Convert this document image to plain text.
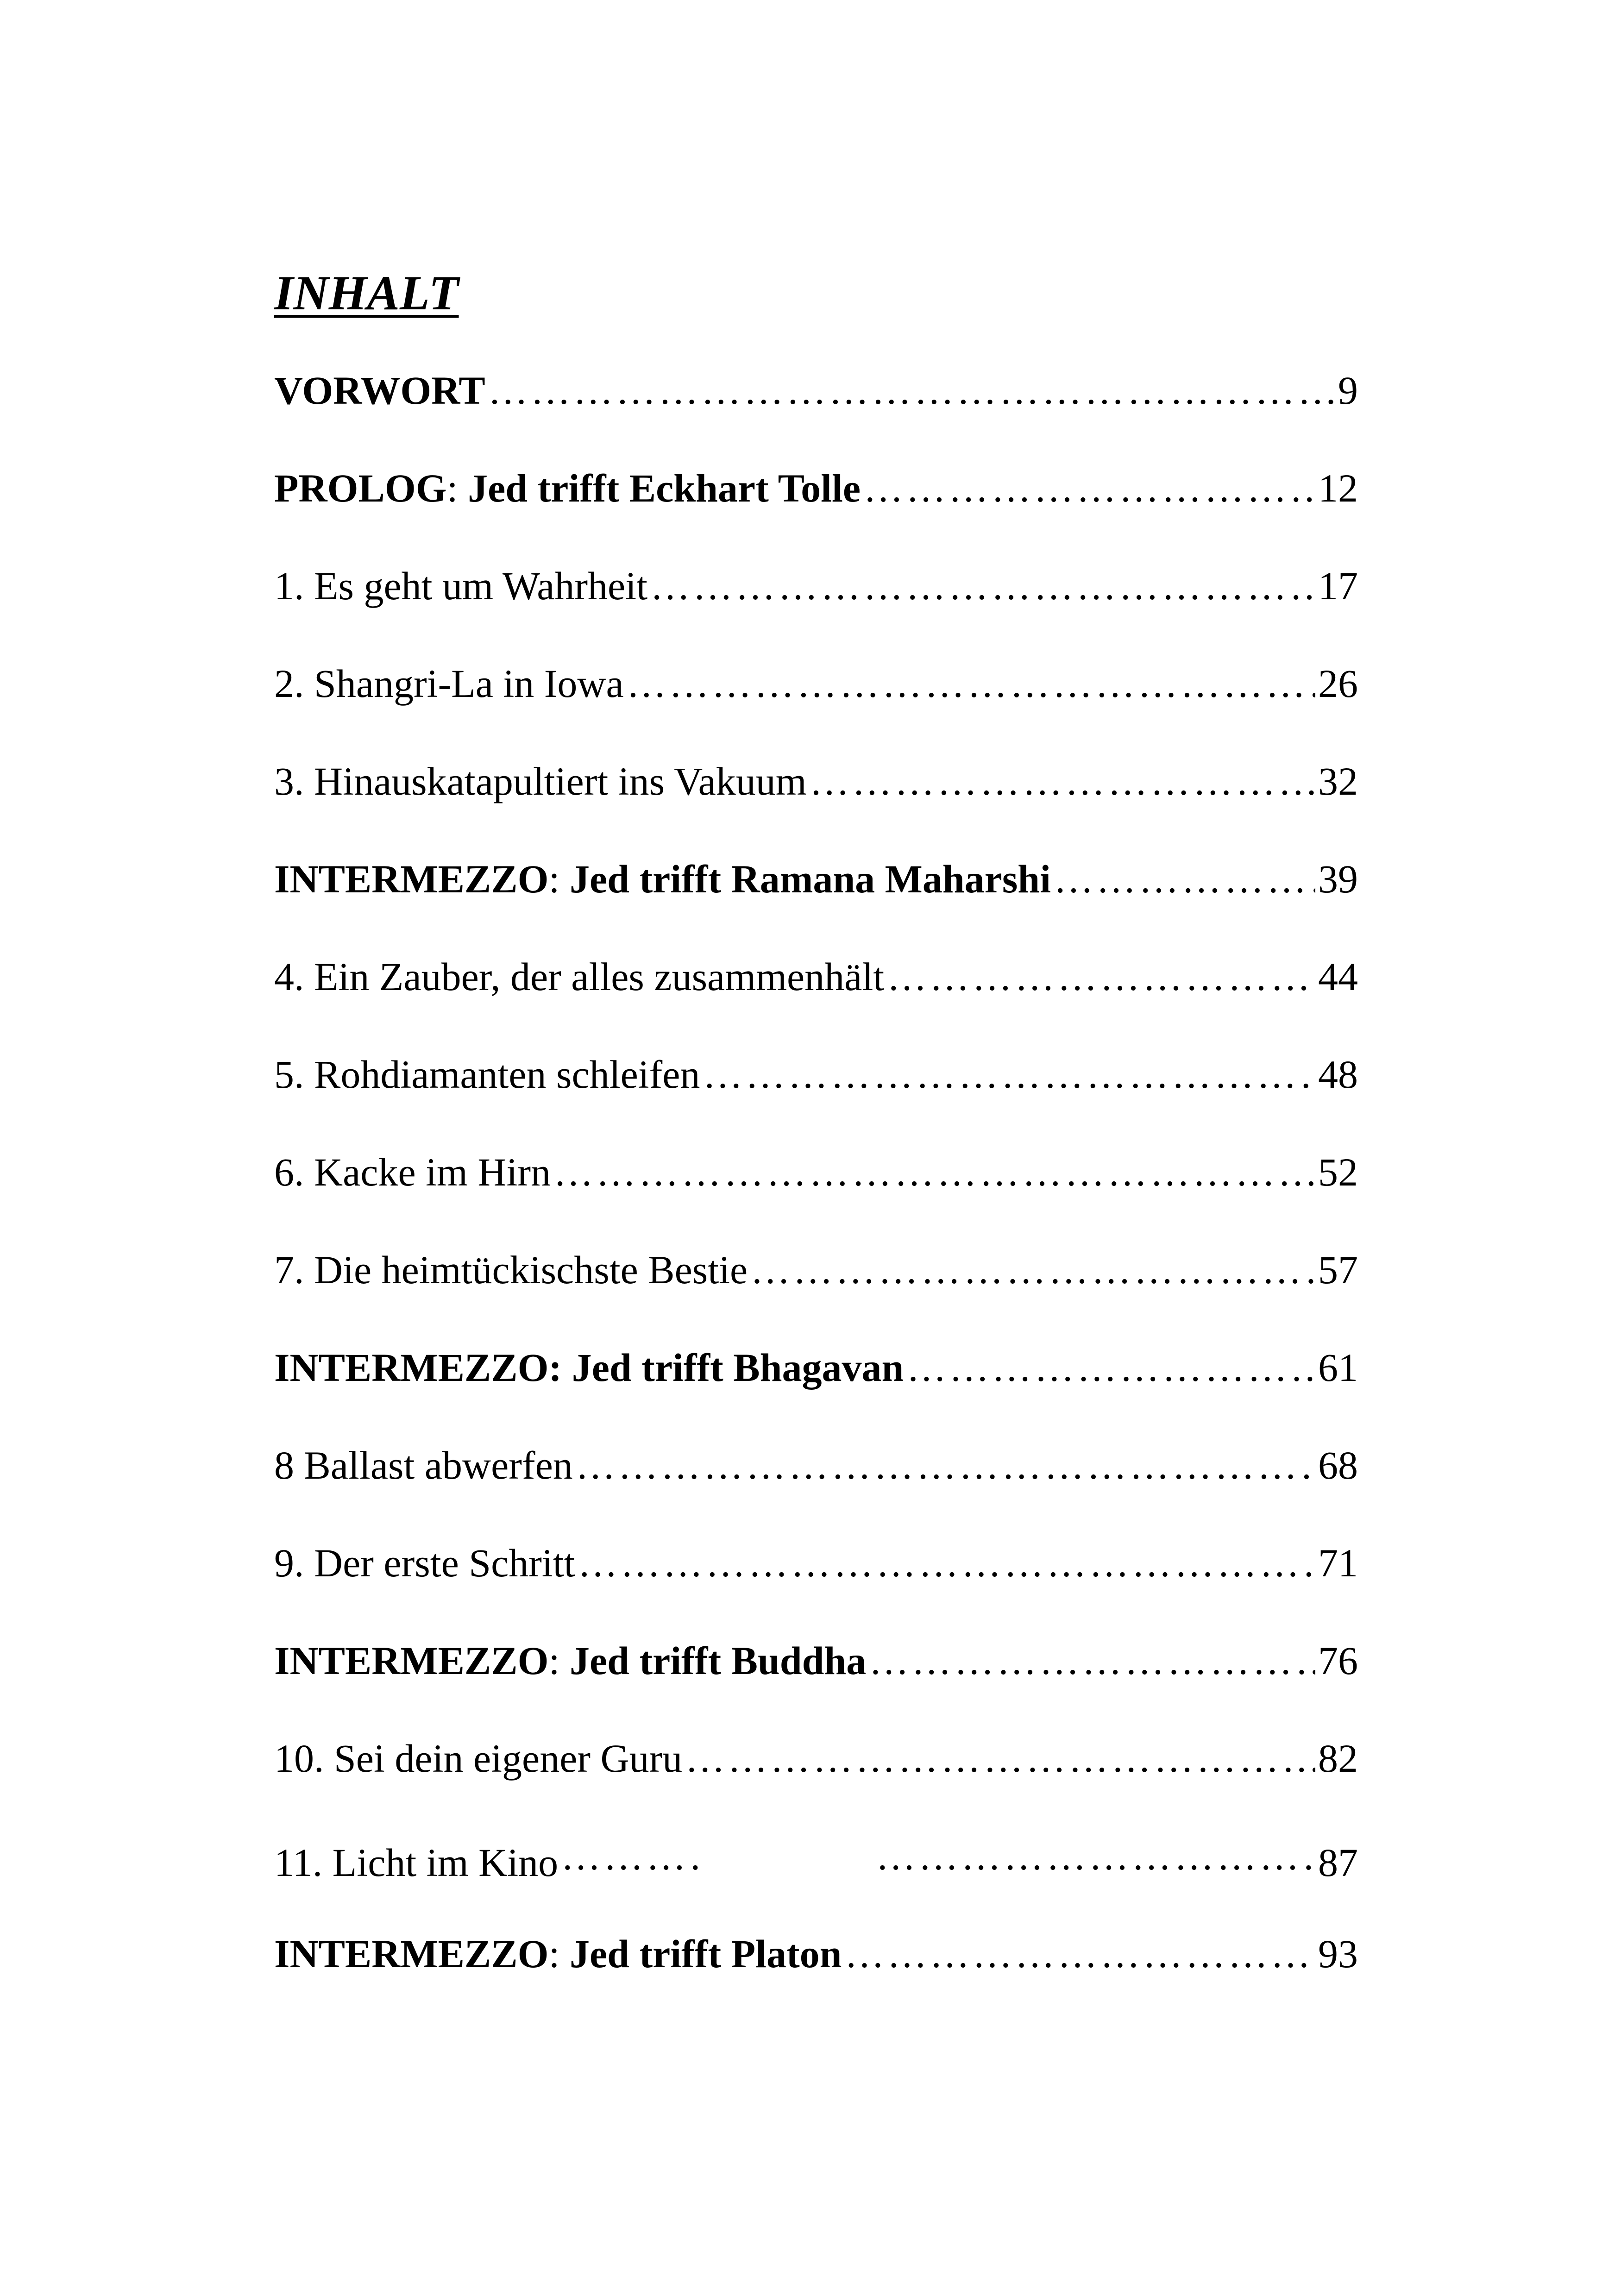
INHALT
VORWORT …………………………………………………………………………………………………………………………	9
PROLOG: Jed trifft Eckhart Tolle …………………………………………………………………………………………………………………………	12
1. Es geht um Wahrheit …………………………………………………………………………………………………………………………	17
2. Shangri-La in Iowa …………………………………………………………………………………………………………………………	26
3. Hinauskatapultiert ins Vakuum …………………………………………………………………………………………………………………………	32
INTERMEZZO: Jed trifft Ramana Maharshi …………………………………………………………………………………………………………………………	39
4. Ein Zauber, der alles zusammenhält …………………………………………………………………………………………………………………………	44
5. Rohdiamanten schleifen …………………………………………………………………………………………………………………………	48
6. Kacke im Hirn …………………………………………………………………………………………………………………………	52
7. Die heimtückischste Bestie …………………………………………………………………………………………………………………………	57
INTERMEZZO: Jed trifft Bhagavan …………………………………………………………………………………………………………………………	61
8 Ballast abwerfen …………………………………………………………………………………………………………………………	68
9. Der erste Schritt …………………………………………………………………………………………………………………………	71
INTERMEZZO: Jed trifft Buddha …………………………………………………………………………………………………………………………	76
10. Sei dein eigener Guru …………………………………………………………………………………………………………………………	82
11. Licht im Kino ……………………………… …………………………………………………………………………	87
INTERMEZZO: Jed trifft Platon …………………………………………………………………………………………………………………………	93
